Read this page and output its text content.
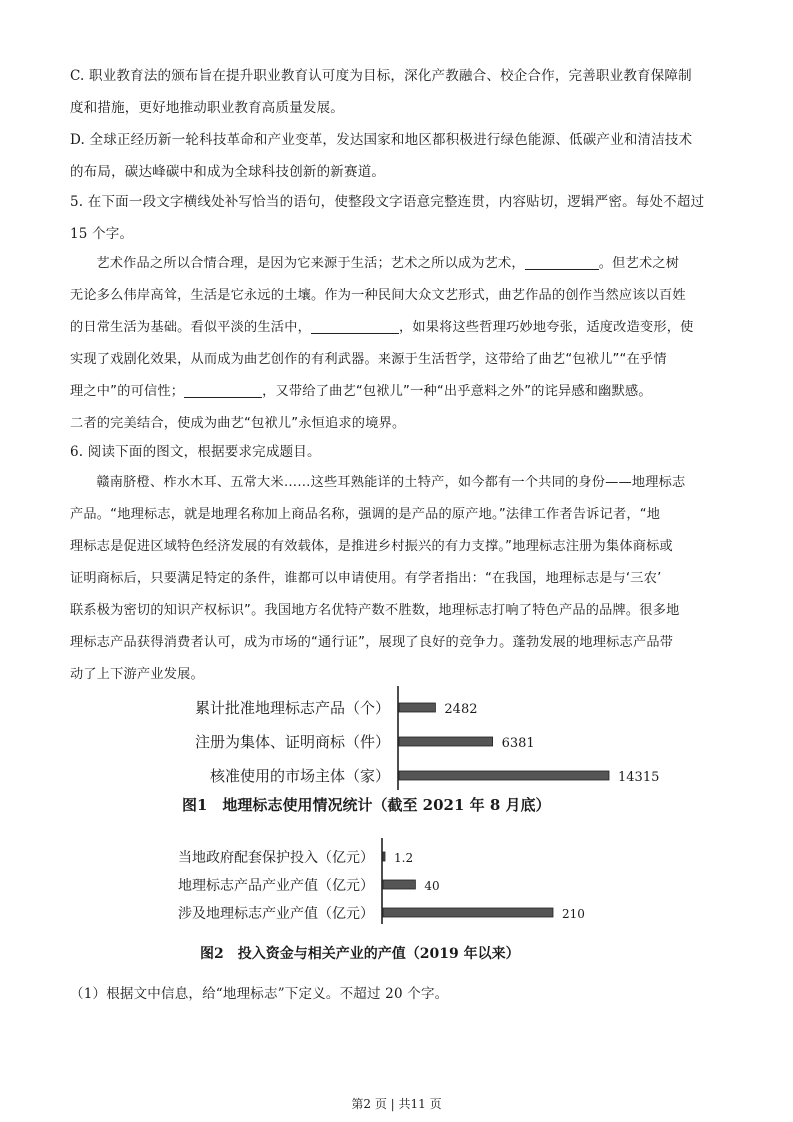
C. 职业教育法的颁布旨在提升职业教育认可度为目标，深化产教融合、校企合作，完善职业教育保障制
度和措施，更好地推动职业教育高质量发展。
D. 全球正经历新一轮科技革命和产业变革，发达国家和地区都积极进行绿色能源、低碳产业和清洁技术
的布局，碳达峰碳中和成为全球科技创新的新赛道。
5. 在下面一段文字横线处补写恰当的语句，使整段文字语意完整连贯，内容贴切，逻辑严密。每处不超过
15 个字。
艺术作品之所以合情合理，是因为它来源于生活；艺术之所以成为艺术，	。但艺术之树
无论多么伟岸高耸，生活是它永远的土壤。作为一种民间大众文艺形式，曲艺作品的创作当然应该以百姓
的日常生活为基础。看似平淡的生活中，	，如果将这些哲理巧妙地夸张，适度改造变形，使
实现了戏剧化效果，从而成为曲艺创作的有利武器。来源于生活哲学，这带给了曲艺“包袱儿”“在乎情
理之中”的可信性；	，又带给了曲艺“包袱儿”一种“出乎意料之外”的诧异感和幽默感。
二者的完美结合，使成为曲艺“包袱儿”永恒追求的境界。
6. 阅读下面的图文，根据要求完成题目。
赣南脐橙、柞水木耳、五常大米……这些耳熟能详的土特产，如今都有一个共同的身份——地理标志
产品。“地理标志，就是地理名称加上商品名称，强调的是产品的原产地。”法律工作者告诉记者，“地
理标志是促进区域特色经济发展的有效载体，是推进乡村振兴的有力支撑。”地理标志注册为集体商标或
证明商标后，只要满足特定的条件，谁都可以申请使用。有学者指出：“在我国，地理标志是与‘三农’
联系极为密切的知识产权标识”。我国地方名优特产数不胜数，地理标志打响了特色产品的品牌。很多地
理标志产品获得消费者认可，成为市场的“通行证”，展现了良好的竞争力。蓬勃发展的地理标志产品带
动了上下游产业发展。
累计批准地理标志产品（个）	2482
注册为集体、证明商标（件）	6381
核准使用的市场主体（家）	14315
图1　地理标志使用情况统计（截至 2021 年 8 月底）
当地政府配套保护投入（亿元） 1.2
地理标志产品产业产值（亿元）	40
涉及地理标志产业产值（亿元）	210
图2　投入资金与相关产业的产值（2019 年以来）
（1）根据文中信息，给“地理标志”下定义。不超过 20 个字。
第2 页 | 共11 页
